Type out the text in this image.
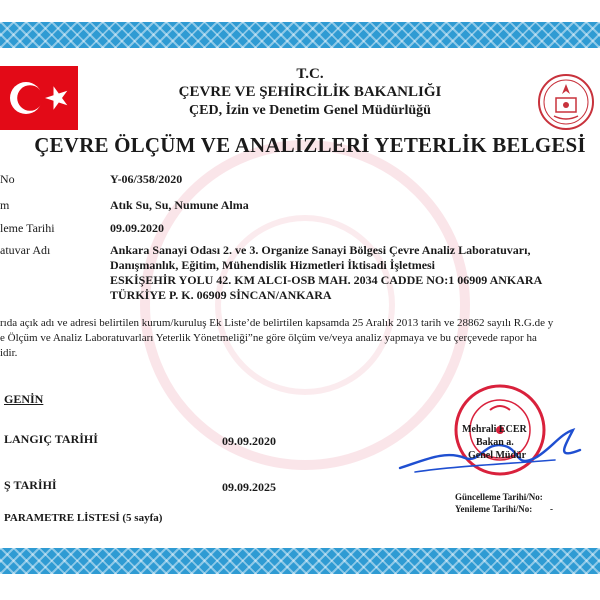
T.C.
ÇEVRE VE ŞEHİRCİLİK BAKANLIĞI
ÇED, İzin ve Denetim Genel Müdürlüğü
ÇEVRE ÖLÇÜM VE ANALİZLERİ YETERLİK BELGESİ
No	Y-06/358/2020
m	Atık Su, Su, Numune Alma
leme Tarihi	09.09.2020
atuvar Adı	Ankara Sanayi Odası 2. ve 3. Organize Sanayi Bölgesi Çevre Analiz Laboratuvarı,
Danışmanlık, Eğitim, Mühendislik Hizmetleri İktisadi İşletmesi
ESKİŞEHİR YOLU 42. KM ALCI-OSB MAH. 2034 CADDE NO:1 06909 ANKARA
TÜRKİYE P. K. 06909 SİNCAN/ANKARA
rıda açık adı ve adresi belirtilen kurum/kuruluş Ek Liste’de belirtilen kapsamda 25 Aralık 2013 tarih ve 28862 sayılı R.G.de y
e Ölçüm ve Analiz Laboratuvarları Yeterlik Yönetmeliği”ne göre ölçüm ve/veya analiz yapmaya ve bu çerçevede rapor ha
idir.
GENİN
LANGIÇ TARİHİ	09.09.2020
Ş TARİHİ	09.09.2025
PARAMETRE LİSTESİ (5 sayfa)
Mehrali ECER
Bakan a.
Genel Müdür
Güncelleme Tarihi/No:
Yenileme Tarihi/No: -
